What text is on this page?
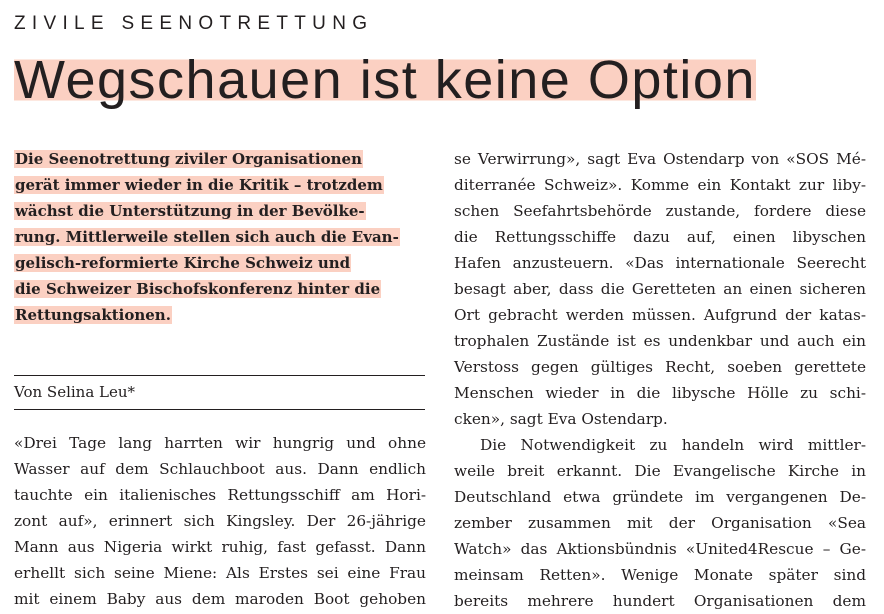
ZIVILE SEENOTRETTUNG
Wegschauen ist keine Option
Die Seenotrettung ziviler Organisationen
gerät immer wieder in die Kritik – trotzdem
wächst die Unterstützung in der Bevölke-
rung. Mittlerweile stellen sich auch die Evan-
gelisch-reformierte Kirche Schweiz und
die Schweizer Bischofskonferenz hinter die
Rettungsaktionen.
Von Selina Leu*
«Drei Tage lang harrten wir hungrig und ohne
Wasser auf dem Schlauchboot aus. Dann endlich
tauchte ein italienisches Rettungsschiff am Hori-
zont auf», erinnert sich Kingsley. Der 26-jährige
Mann aus Nigeria wirkt ruhig, fast gefasst. Dann
erhellt sich seine Miene: Als Erstes sei eine Frau
mit einem Baby aus dem maroden Boot gehoben
se Verwirrung», sagt Eva Ostendarp von «SOS Mé-
diterranée Schweiz». Komme ein Kontakt zur liby-
schen Seefahrtsbehörde zustande, fordere diese
die Rettungsschiffe dazu auf, einen libyschen
Hafen anzusteuern. «Das internationale Seerecht
besagt aber, dass die Geretteten an einen sicheren
Ort gebracht werden müssen. Aufgrund der katas-
trophalen Zustände ist es undenkbar und auch ein
Verstoss gegen gültiges Recht, soeben gerettete
Menschen wieder in die libysche Hölle zu schi-
cken», sagt Eva Ostendarp.
Die Notwendigkeit zu handeln wird mittler-
weile breit erkannt. Die Evangelische Kirche in
Deutschland etwa gründete im vergangenen De-
zember zusammen mit der Organisation «Sea
Watch» das Aktionsbündnis «United4Rescue – Ge-
meinsam Retten». Wenige Monate später sind
bereits mehrere hundert Organisationen dem
